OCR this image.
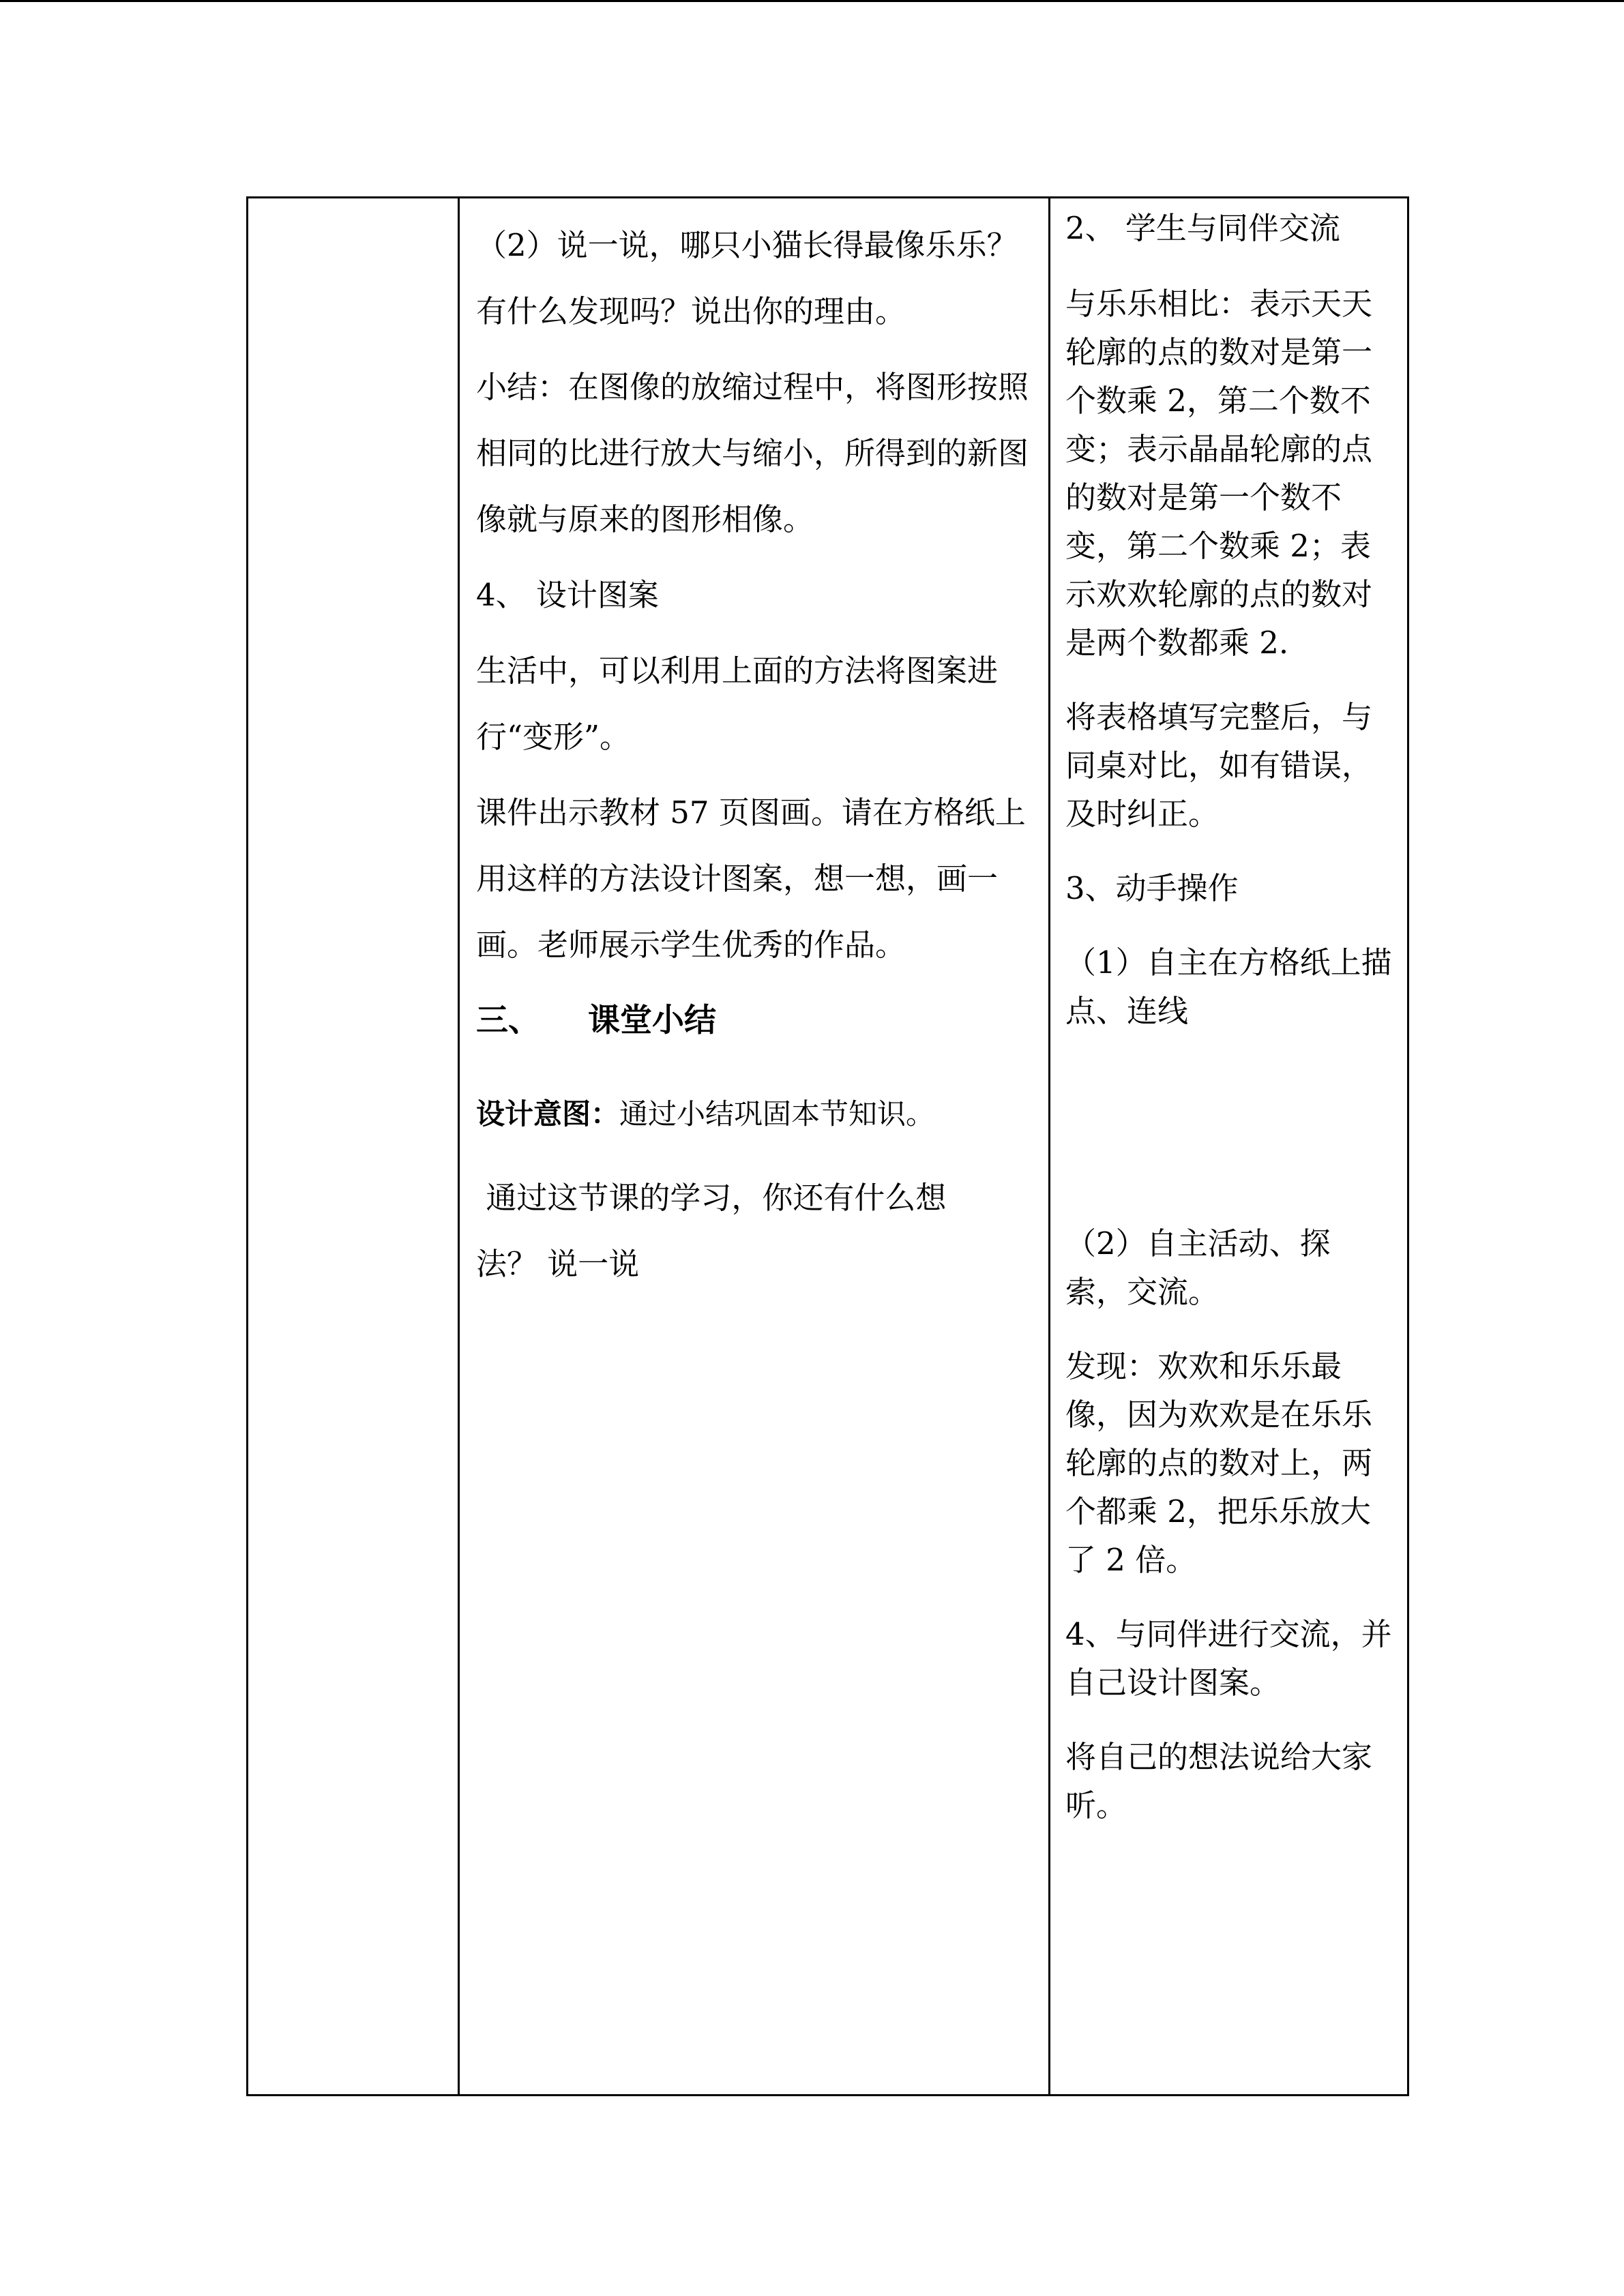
（2）说一说，哪只小猫长得最像乐乐？有什么发现吗？说出你的理由。

小结：在图像的放缩过程中，将图形按照相同的比进行放大与缩小，所得到的新图像就与原来的图形相像。

4、 设计图案

生活中，可以利用上面的方法将图案进行“变形”。

课件出示教材 57 页图画。请在方格纸上用这样的方法设计图案，想一想，画一画。老师展示学生优秀的作品。

三、 课堂小结

设计意图：通过小结巩固本节知识。

通过这节课的学习，你还有什么想法？ 说一说

2、 学生与同伴交流

与乐乐相比：表示天天轮廓的点的数对是第一个数乘 2，第二个数不变；表示晶晶轮廓的点的数对是第一个数不变，第二个数乘 2；表示欢欢轮廓的点的数对是两个数都乘 2.

将表格填写完整后，与同桌对比，如有错误，及时纠正。

3、动手操作

（1）自主在方格纸上描点、连线

（2）自主活动、探索，交流。

发现：欢欢和乐乐最像，因为欢欢是在乐乐轮廓的点的数对上，两个都乘 2，把乐乐放大了 2 倍。

4、与同伴进行交流，并自己设计图案。

将自己的想法说给大家听。
